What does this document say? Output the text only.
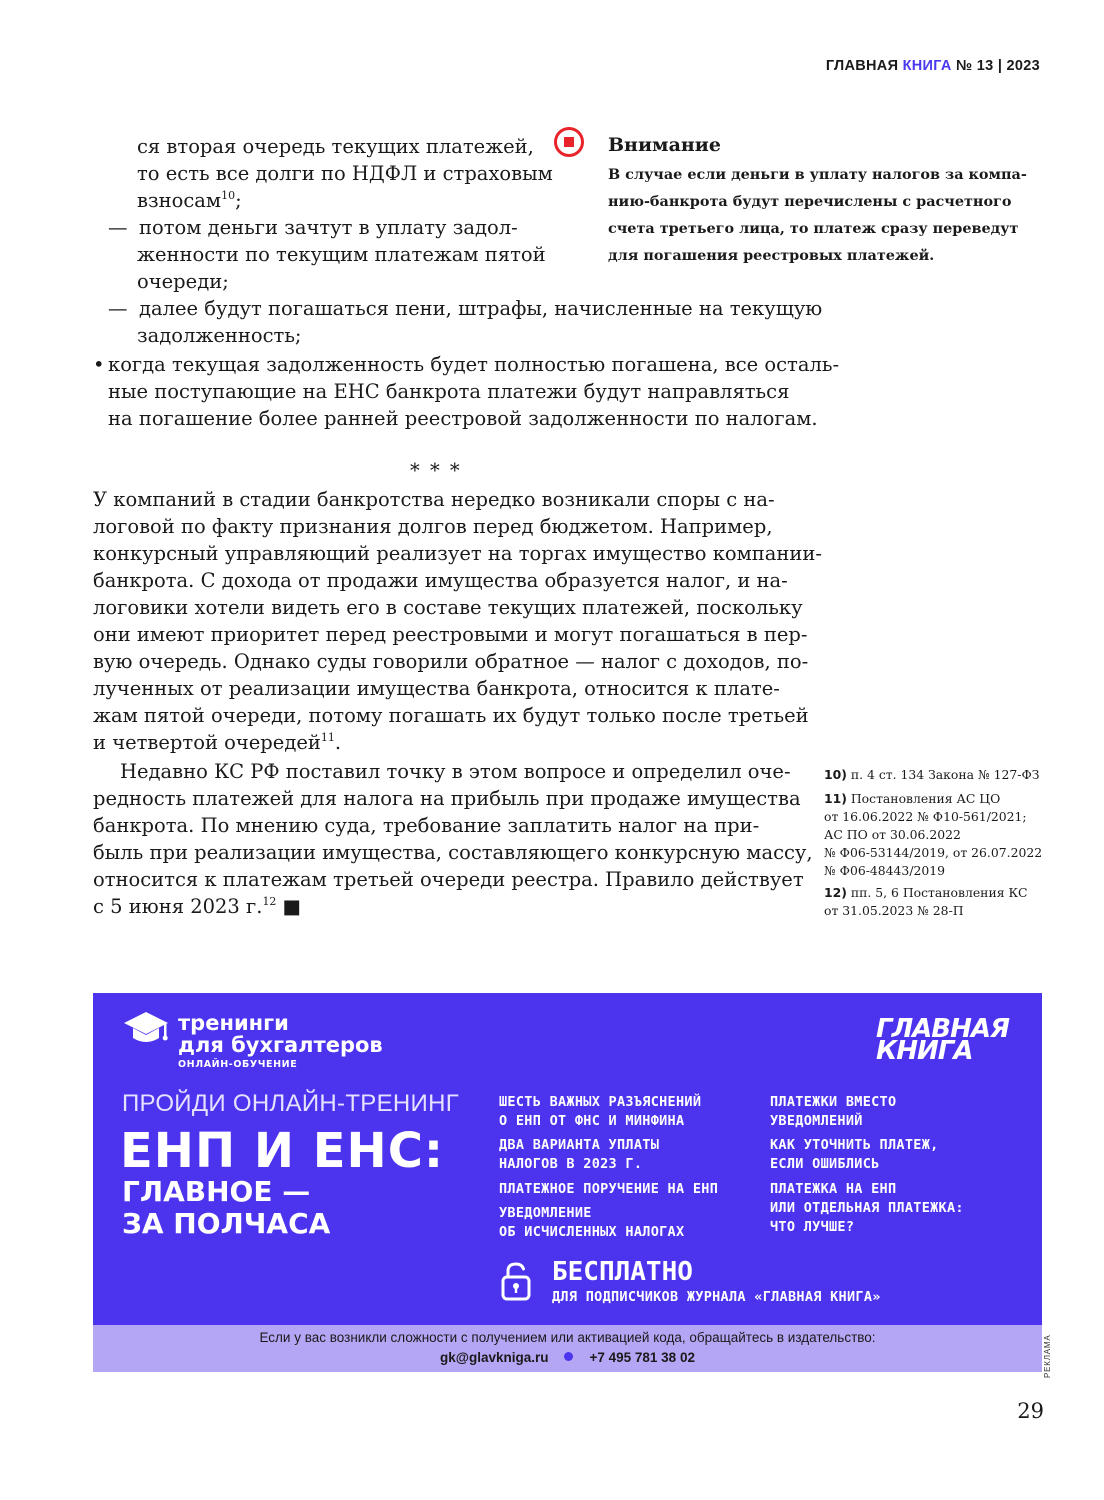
ГЛАВНАЯ КНИГА № 13 | 2023
ся вторая очередь текущих платежей,
то есть все долги по НДФЛ и страховым
взносам$^{10}$;
— потом деньги зачтут в уплату задол-
женности по текущим платежам пятой
очереди;
— далее будут погашаться пени, штрафы, начисленные на текущую
задолженность;
• когда текущая задолженность будет полностью погашена, все осталь-
ные поступающие на ЕНС банкрота платежи будут направляться
на погашение более ранней реестровой задолженности по налогам.
Внимание
В случае если деньги в уплату налогов за компа-
нию-банкрота будут перечислены с расчетного
счета третьего лица, то платеж сразу переведут
для погашения реестровых платежей.
* * *
У компаний в стадии банкротства нередко возникали споры с на-
логовой по факту признания долгов перед бюджетом. Например,
конкурсный управляющий реализует на торгах имущество компании-
банкрота. С дохода от продажи имущества образуется налог, и на-
логовики хотели видеть его в составе текущих платежей, поскольку
они имеют приоритет перед реестровыми и могут погашаться в пер-
вую очередь. Однако суды говорили обратное — налог с доходов, по-
лученных от реализации имущества банкрота, относится к плате-
жам пятой очереди, потому погашать их будут только после третьей
и четвертой очередей$^{11}$.
Недавно КС РФ поставил точку в этом вопросе и определил оче-
редность платежей для налога на прибыль при продаже имущества
банкрота. По мнению суда, требование заплатить налог на при-
быль при реализации имущества, составляющего конкурсную массу,
относится к платежам третьей очереди реестра. Правило действует
с 5 июня 2023 г.$^{12}$ ■
10) п. 4 ст. 134 Закона № 127-ФЗ
11) Постановления АС ЦО
от 16.06.2022 № Ф10-561/2021;
АС ПО от 30.06.2022
№ Ф06-53144/2019, от 26.07.2022
№ Ф06-48443/2019
12) пп. 5, 6 Постановления КС
от 31.05.2023 № 28-П
тренинги
для бухгалтеров
ОНЛАЙН-ОБУЧЕНИЕ
ГЛАВНАЯ
КНИГА
ПРОЙДИ ОНЛАЙН-ТРЕНИНГ
ЕНП И ЕНС:
ГЛАВНОЕ —
ЗА ПОЛЧАСА
ШЕСТЬ ВАЖНЫХ РАЗЪЯСНЕНИЙ
О ЕНП ОТ ФНС И МИНФИНА
ДВА ВАРИАНТА УПЛАТЫ
НАЛОГОВ В 2023 Г.
ПЛАТЕЖНОЕ ПОРУЧЕНИЕ НА ЕНП
УВЕДОМЛЕНИЕ
ОБ ИСЧИСЛЕННЫХ НАЛОГАХ
ПЛАТЕЖКИ ВМЕСТО
УВЕДОМЛЕНИЙ
КАК УТОЧНИТЬ ПЛАТЕЖ,
ЕСЛИ ОШИБЛИСЬ
ПЛАТЕЖКА НА ЕНП
ИЛИ ОТДЕЛЬНАЯ ПЛАТЕЖКА:
ЧТО ЛУЧШЕ?
БЕСПЛАТНО
ДЛЯ ПОДПИСЧИКОВ ЖУРНАЛА «ГЛАВНАЯ КНИГА»
Если у вас возникли сложности с получением или активацией кода, обращайтесь в издательство:
gk@glavkniga.ru	+7 495 781 38 02	РЕКЛАМА
29
